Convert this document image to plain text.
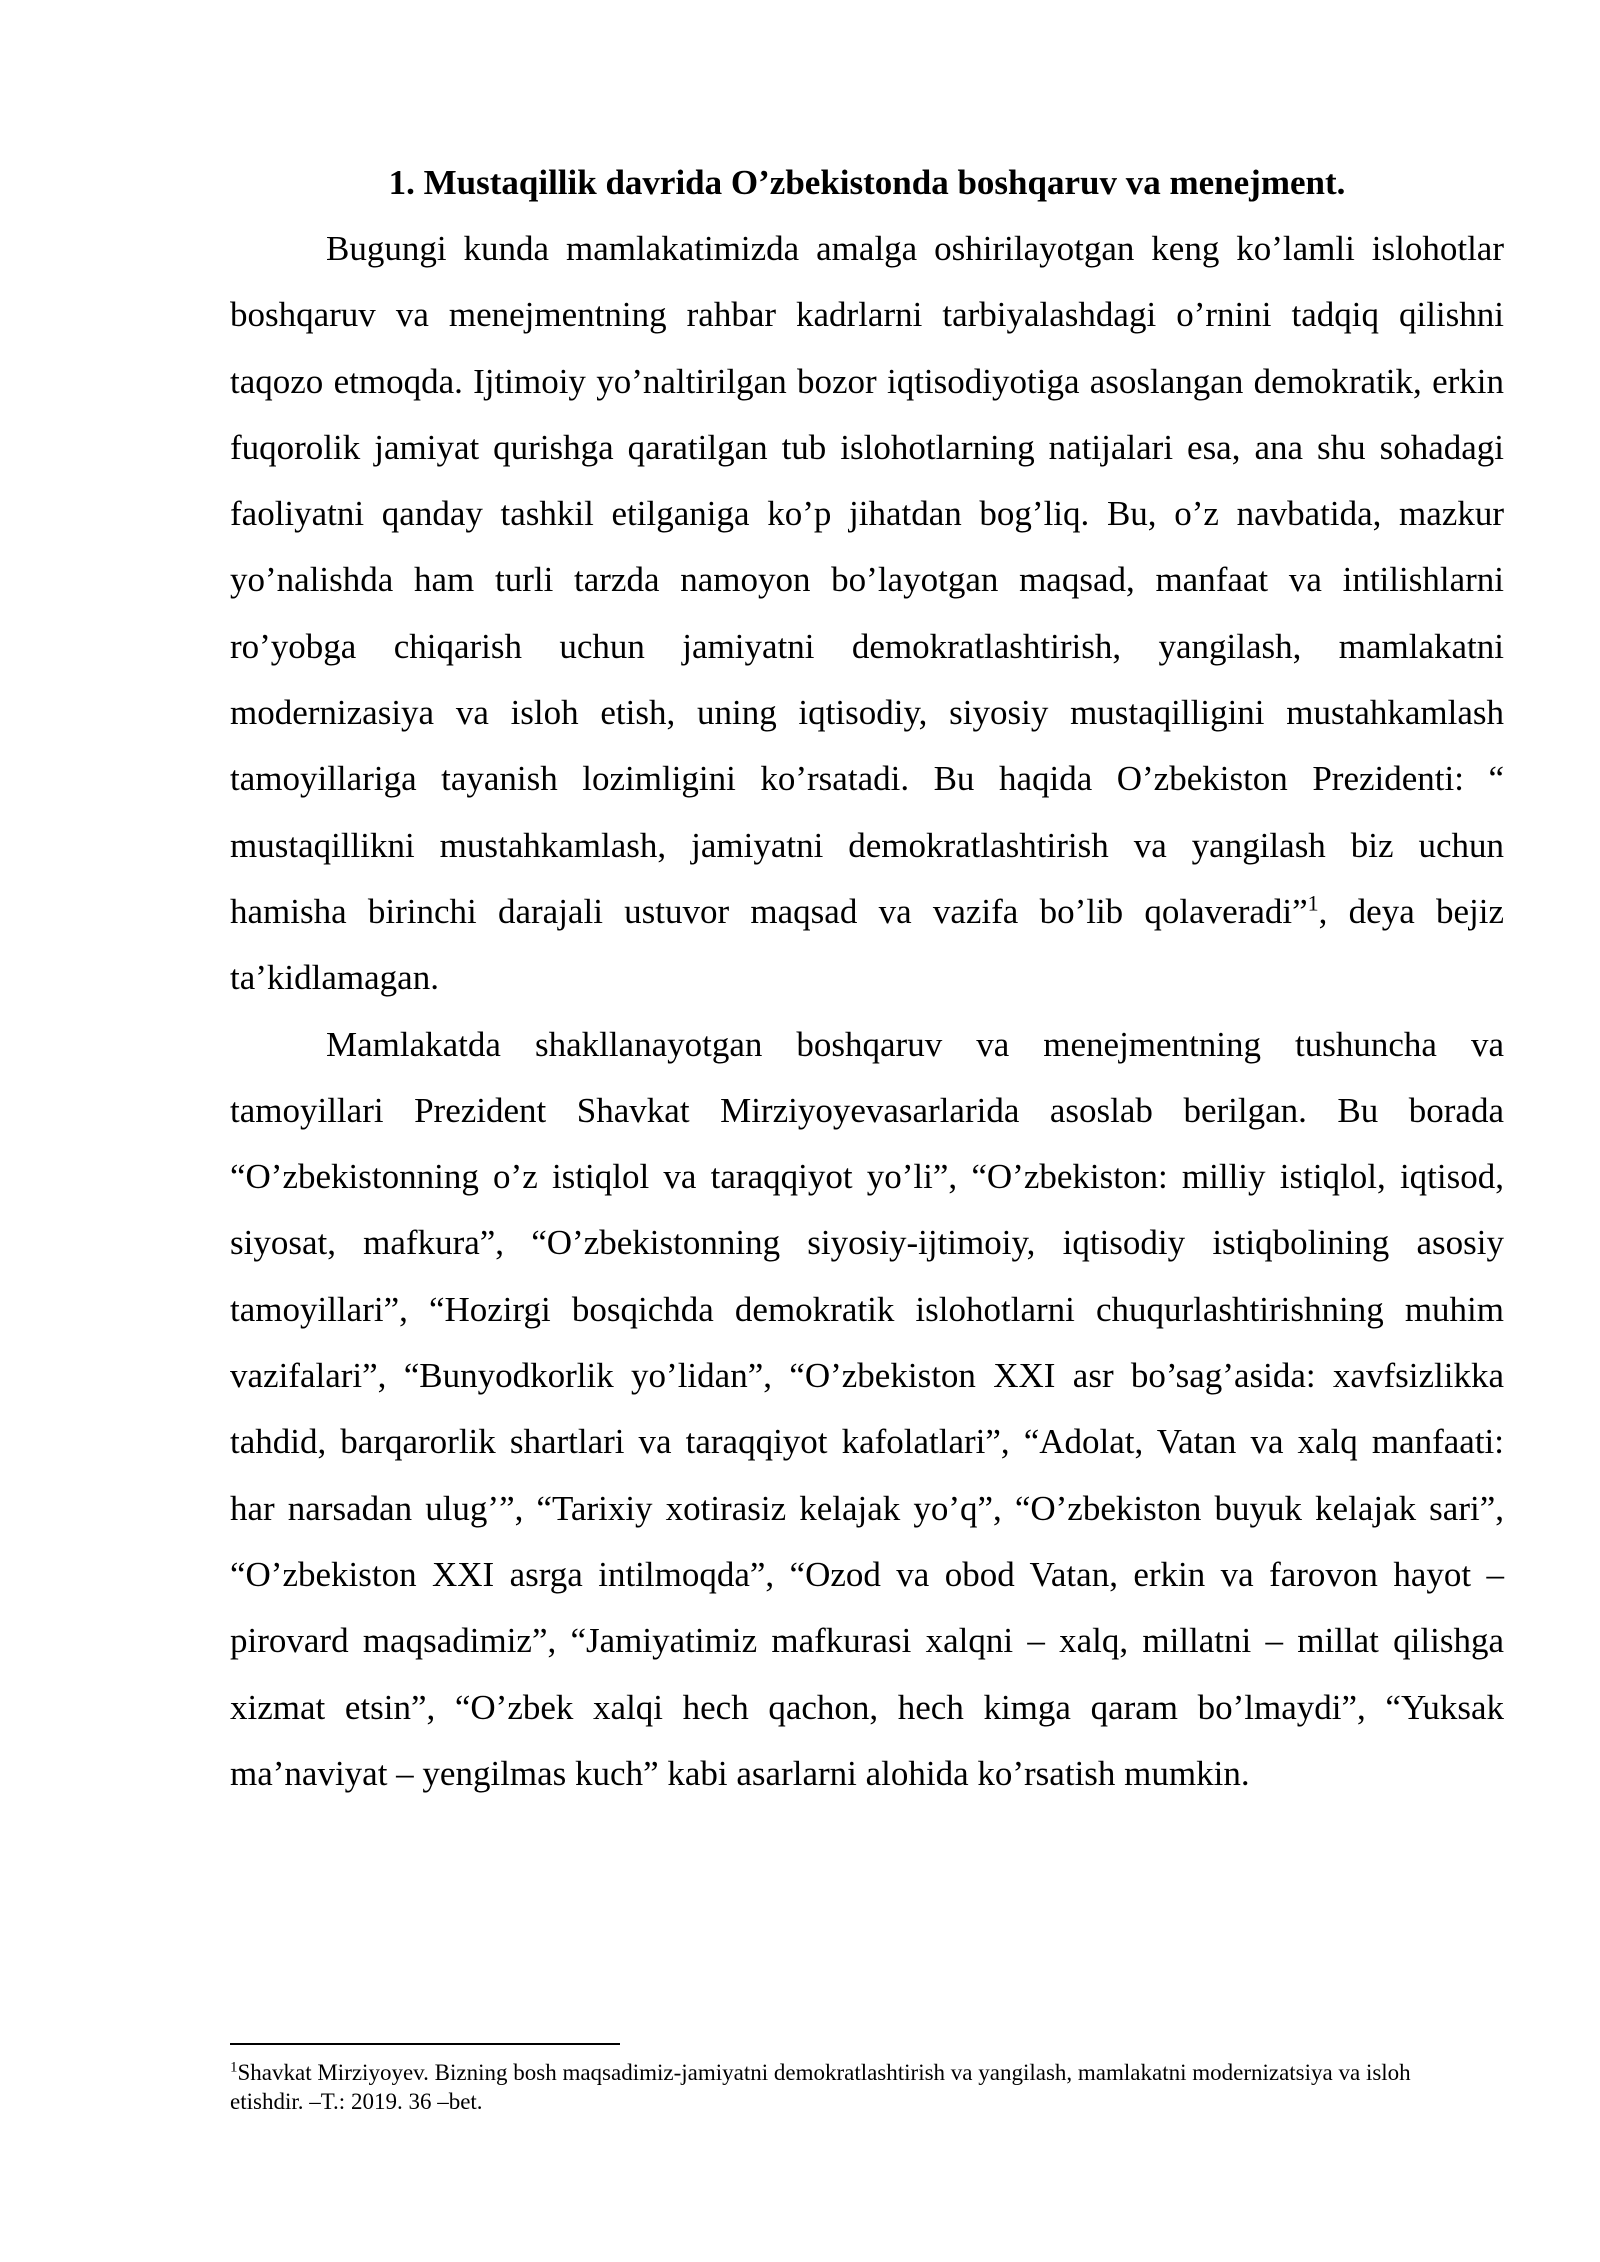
1. Mustaqillik davrida O’zbekistonda boshqaruv va menejment.

Bugungi kunda mamlakatimizda amalga oshirilayotgan keng ko’lamli islohotlar boshqaruv va menejmentning rahbar kadrlarni tarbiyalashdagi o’rnini tadqiq qilishni taqozo etmoqda. Ijtimoiy yo’naltirilgan bozor iqtisodiyotiga asoslangan demokratik, erkin fuqorolik jamiyat qurishga qaratilgan tub islohotlarning natijalari esa, ana shu sohadagi faoliyatni qanday tashkil etilganiga ko’p jihatdan bog’liq. Bu, o’z navbatida, mazkur yo’nalishda ham turli tarzda namoyon bo’layotgan maqsad, manfaat va intilishlarni ro’yobga chiqarish uchun jamiyatni demokratlashtirish, yangilash, mamlakatni modernizasiya va isloh etish, uning iqtisodiy, siyosiy mustaqilligini mustahkamlash tamoyillariga tayanish lozimligini ko’rsatadi. Bu haqida O’zbekiston Prezidenti: “ mustaqillikni mustahkamlash, jamiyatni demokratlashtirish va yangilash biz uchun hamisha birinchi darajali ustuvor maqsad va vazifa bo’lib qolaveradi”$^1$, deya bejiz ta’kidlamagan.

Mamlakatda shakllanayotgan boshqaruv va menejmentning tushuncha va tamoyillari Prezident Shavkat Mirziyoyevasarlarida asoslab berilgan. Bu borada “O’zbekistonning o’z istiqlol va taraqqiyot yo’li”, “O’zbekiston: milliy istiqlol, iqtisod, siyosat, mafkura”, “O’zbekistonning siyosiy-ijtimoiy, iqtisodiy istiqbolining asosiy tamoyillari”, “Hozirgi bosqichda demokratik islohotlarni chuqurlashtirishning muhim vazifalari”, “Bunyodkorlik yo’lidan”, “O’zbekiston XXI asr bo’sag’asida: xavfsizlikka tahdid, barqarorlik shartlari va taraqqiyot kafolatlari”, “Adolat, Vatan va xalq manfaati: har narsadan ulug’”, “Tarixiy xotirasiz kelajak yo’q”, “O’zbekiston buyuk kelajak sari”, “O’zbekiston XXI asrga intilmoqda”, “Ozod va obod Vatan, erkin va farovon hayot – pirovard maqsadimiz”, “Jamiyatimiz mafkurasi xalqni – xalq, millatni – millat qilishga xizmat etsin”, “O’zbek xalqi hech qachon, hech kimga qaram bo’lmaydi”, “Yuksak ma’naviyat – yengilmas kuch” kabi asarlarni alohida ko’rsatish mumkin.

$^1$Shavkat Mirziyoyev. Bizning bosh maqsadimiz-jamiyatni demokratlashtirish va yangilash, mamlakatni modernizatsiya va isloh etishdir. –T.: 2019. 36 –bet.
